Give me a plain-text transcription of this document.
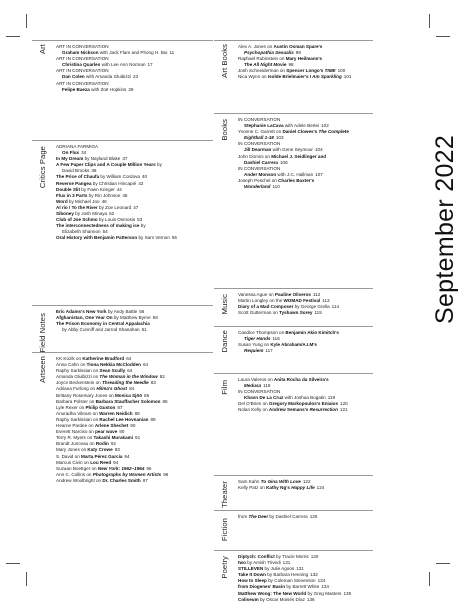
September 2022
Art ART IN CONVERSATION
Graham Nickson with Jack Flam and Phong H. Bui 11
ART IN CONVERSATION
Christina Quarles with Lee Ann Norman 17
ART IN CONVERSATION
Dan Colen with Amanda Gluibizzi 23
ART IN CONVERSATION
Felipe Baeza with Zoë Hopkins 29
Critics Page ADRIANA FARMIGA
On Flux 34
In My Dream by Nayland Blake 37
A Few Paper Clips and A Couple Million Years by
David Brooks 38
The Price of Chaufa by William Cordova 40
Reverse Pangea by Christian Hincapié 42
Double Slit by Fawn Krieger 44
Flux in 3 Parts by Rin Johnson 45
Word by Michael Joo 46
Al rio / To the River by Zoe Leonard 47
Siboney by Josh Minaya 52
Club of Joe Schmo by Louis Osmosis 53
The interconnectedness of making ice by
Elizabeth Shannon 54
Oral History with Benjamin Patterson by Sam Vernon 55
Field Notes
Eric Adams's New York by Andy Battle 56
Afghanistan, One Year On by Matthew Byrne 58
The Prison Economy in Central Appalachia
by Abby Cunniff and Jarrod Shanahan 61
Artseen KK Kozik on Katherine Bradford 64
Anna Cahn on Tiona Nekkia McClodden 64
Raphy Sarkissian on Sean Scully 64
Amanda Gluibizzi on The Woman in the Window 82
Joyce Beckenstein on Threading the Needle 83
Adriana Furlong on Hilma's Ghost 84
Brittany Rosemary Jones on Monica Sjöö 85
Barbara Polster on Barbara Stauffacher Solomon 86
Lyle Rexer on Philip Guston 87
Anuradha Vikram on Warren Neidich 88
Raphy Sarkissian on Rachel Lee Hovnanian 89
Hearne Pardee on Arlene Shechet 90
Everett Narciso on pear wave 90
Terry R. Myers on Takashi Murakami 91
Brandt Junceau on Rodin 92
Mary Jones on Katy Crowe 93
S. David on Marta Pérez García 94
Marcus Civin on Lou Reed 94
Suzaan Boettger on New York: 1962–1964 95
Ann C. Collins on Photographs by Women Artists 96
Andrew Woolbright on Dr. Charles Smith 97
Art Books Alex A. Jones on Austin Osman Spare's
Psychopathia Sexualis 98
Raphael Rubinstein on Mary Heilmann's
The All Night Movie 98
Josh Schneiderman on Spencer Longo's TIME 100
Nica Wynn on Isolde Brielmaier's I Am Sparkling 101
Books IN CONVERSATION
Stephanie LaCava with Adele Bertei 102
Yvonne C. Garrett on Daniel Clowes's The Complete
Eightball 1-18 103
IN CONVERSATION
Jill Dearman with Gene Seymour 104
John Domini on Michael J. Seidlinger and
Dashiel Carrera 106
IN CONVERSATION
Ander Monson with J.C. Hallman 107
Joseph Peschel on Charles Baxter's
Wonderland 110
Music Vanessa Ague on Pauline Oliveros 112
Martin Longley on the WOMAD Festival 113
Diary of a Mad Composer by George Grella 114
Scott Gutterman on Tyshawn Sorey 115
Dance Candice Thompson on Benjamin Akio Kimitch's
Tiger Hands 116
Susan Yung on Kyle Abraham/A.I.M's
Requiem 117
Film
Laura Valeros on Anita Rocha da Silveira's
Medusa 118
IN CONVERSATION
Khavn De La Cruz with Joshua Bogatin 119
Del O'Brien on Gregory Markopoulos's Eniaios 120
Nolan Kelly on Andrew Semans's Resurrection 121
Theater Sam Kahn To Gina With Love 122
Kelly Patz on Kathy Ng's Happy Life 124
Fiction
from The Deer by Dashiel Carrera 126
Poetry Diptych: Conflict by Tracie Morris 130
two by Amish Trivedi 131
STILLEVEN by Julie Agoos 131
Take It Down by Barbara Henning 132
How to Sleep by Coleman Stevenson 134
from Diogenes' Basin by Barrett White 134
Matthew Wong: The New World by Greg Masters 135
Coliseum by Oscar Moisés Díaz 136
